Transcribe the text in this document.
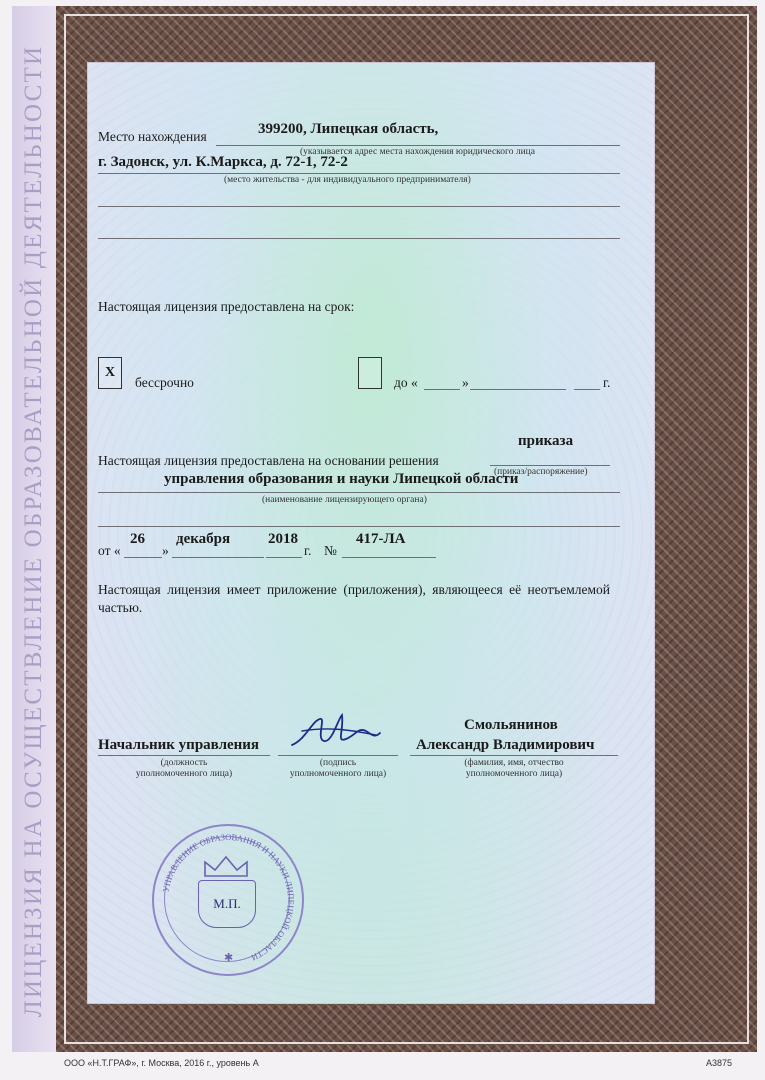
ЛИЦЕНЗИЯ НА ОСУЩЕСТВЛЕНИЕ ОБРАЗОВАТЕЛЬНОЙ ДЕЯТЕЛЬНОСТИ	Место нахождения	399200, Липецкая область,
(указывается адрес места нахождения юридического лица
г. Задонск, ул. К.Маркса, д. 72-1, 72-2
(место жительства - для индивидуального предпринимателя)
Настоящая лицензия предоставлена на срок:
Х
бессрочно	до «	»	г.
Настоящая лицензия предоставлена на основании решения
приказа
(приказ/распоряжение)
управления образования и науки Липецкой области
(наименование лицензирующего органа)
от «
26
»
декабря	2018
г. №
417-ЛА
Настоящая лицензия имеет приложение (приложения), являющееся её неотъемлемой частью.
Смольянинов
Начальник управления	Александр Владимирович
(должность
уполномоченного лица)
(подпись
уполномоченного лица)
(фамилия, имя, отчество
уполномоченного лица)
УПРАВЛЕНИЕ ОБРАЗОВАНИЯ И НАУКИ ЛИПЕЦКОЙ ОБЛАСТИ
М.П.
✱
ООО «Н.Т.ГРАФ», г. Москва, 2016 г., уровень А	А3875
